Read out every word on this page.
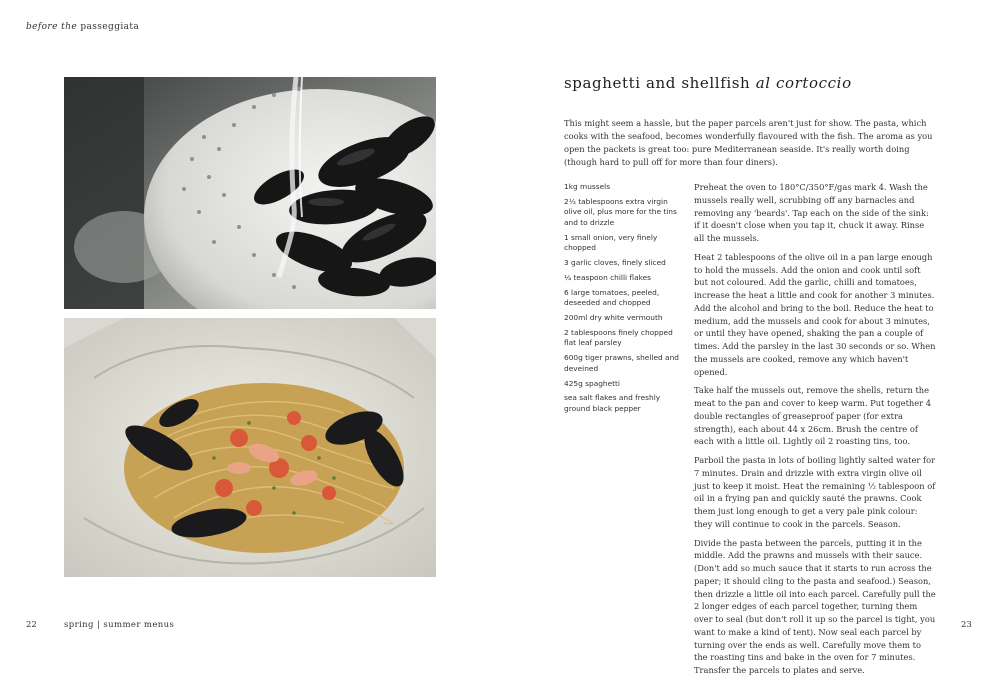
before the passeggiata
spaghetti and shellfish al cortoccio

This might seem a hassle, but the paper parcels aren't just for show. The pasta, which cooks with the seafood, becomes wonderfully flavoured with the fish. The aroma as you open the packets is great too: pure Mediterranean seaside. It's really worth doing (though hard to pull off for more than four diners).

1kg mussels
2½ tablespoons extra virgin olive oil, plus more for the tins and to drizzle
1 small onion, very finely chopped
3 garlic cloves, finely sliced
¼ teaspoon chilli flakes
6 large tomatoes, peeled, deseeded and chopped
200ml dry white vermouth
2 tablespoons finely chopped flat leaf parsley
600g tiger prawns, shelled and deveined
425g spaghetti
sea salt flakes and freshly ground black pepper

Preheat the oven to 180°C/350°F/gas mark 4. Wash the mussels really well, scrubbing off any barnacles and removing any 'beards'. Tap each on the side of the sink: if it doesn't close when you tap it, chuck it away. Rinse all the mussels.

Heat 2 tablespoons of the olive oil in a pan large enough to hold the mussels. Add the onion and cook until soft but not coloured. Add the garlic, chilli and tomatoes, increase the heat a little and cook for another 3 minutes. Add the alcohol and bring to the boil. Reduce the heat to medium, add the mussels and cook for about 3 minutes, or until they have opened, shaking the pan a couple of times. Add the parsley in the last 30 seconds or so. When the mussels are cooked, remove any which haven't opened.

Take half the mussels out, remove the shells, return the meat to the pan and cover to keep warm. Put together 4 double rectangles of greaseproof paper (for extra strength), each about 44 x 26cm. Brush the centre of each with a little oil. Lightly oil 2 roasting tins, too.

Parboil the pasta in lots of boiling lightly salted water for 7 minutes. Drain and drizzle with extra virgin olive oil just to keep it moist. Heat the remaining ½ tablespoon of oil in a frying pan and quickly sauté the prawns. Cook them just long enough to get a very pale pink colour: they will continue to cook in the parcels. Season.

Divide the pasta between the parcels, putting it in the middle. Add the prawns and mussels with their sauce. (Don't add so much sauce that it starts to run across the paper; it should cling to the pasta and seafood.) Season, then drizzle a little oil into each parcel. Carefully pull the 2 longer edges of each parcel together, turning them over to seal (but don't roll it up so the parcel is tight, you want to make a kind of tent). Now seal each parcel by turning over the ends as well. Carefully move them to the roasting tins and bake in the oven for 7 minutes. Transfer the parcels to plates and serve.

22	spring | summer menus	23
